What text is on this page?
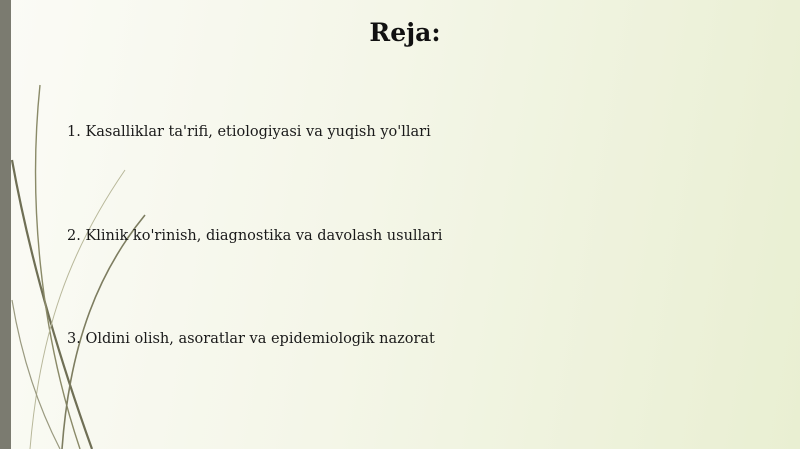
Reja:
1. Kasalliklar ta'rifi, etiologiyasi va yuqish yo'llari
2. Klinik ko'rinish, diagnostika va davolash usullari
3. Oldini olish, asoratlar va epidemiologik nazorat
